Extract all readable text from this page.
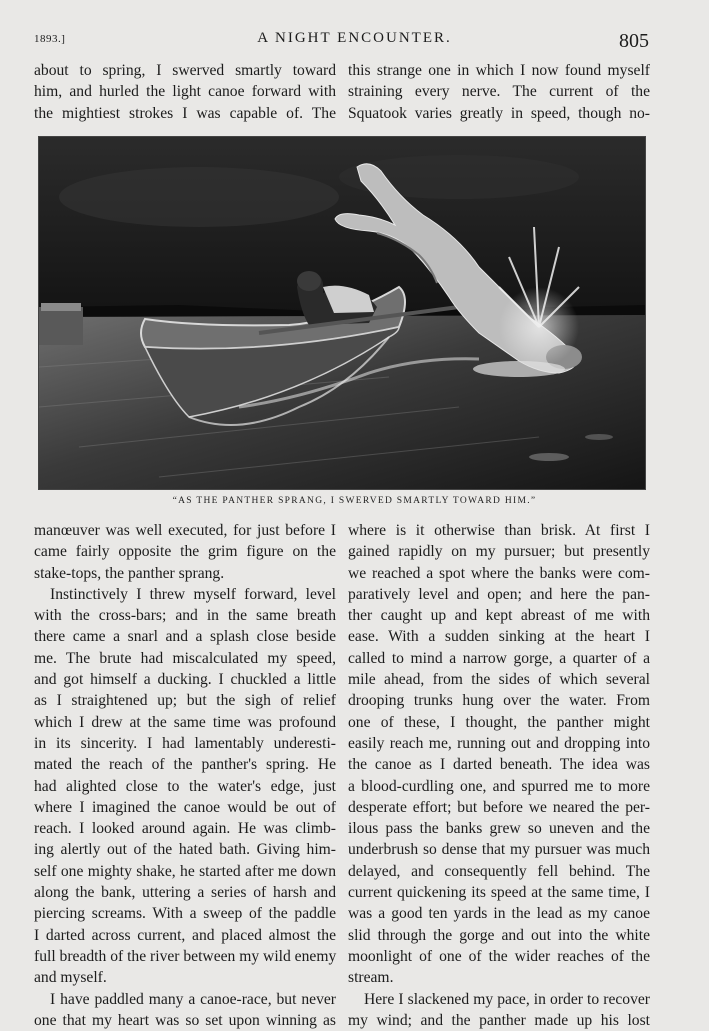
1893.]	A NIGHT ENCOUNTER.	805
about to spring, I swerved smartly toward
him, and hurled the light canoe forward with
the mightiest strokes I was capable of. The
this strange one in which I now found myself
straining every nerve. The current of the
Squatook varies greatly in speed, though no-
“AS THE PANTHER SPRANG, I SWERVED SMARTLY TOWARD HIM.”

manœuver was well executed, for just before I
came fairly opposite the grim figure on the
stake-tops, the panther sprang.

Instinctively I threw myself forward, level
with the cross-bars; and in the same breath
there came a snarl and a splash close beside
me. The brute had miscalculated my speed,
and got himself a ducking. I chuckled a little
as I straightened up; but the sigh of relief
which I drew at the same time was profound
in its sincerity. I had lamentably underesti-
mated the reach of the panther's spring. He
had alighted close to the water's edge, just
where I imagined the canoe would be out of
reach. I looked around again. He was climb-
ing alertly out of the hated bath. Giving him-
self one mighty shake, he started after me down
along the bank, uttering a series of harsh and
piercing screams. With a sweep of the paddle
I darted across current, and placed almost the
full breadth of the river between my wild enemy
and myself.

I have paddled many a canoe-race, but never
one that my heart was so set upon winning as

where is it otherwise than brisk. At first I
gained rapidly on my pursuer; but presently
we reached a spot where the banks were com-
paratively level and open; and here the pan-
ther caught up and kept abreast of me with
ease. With a sudden sinking at the heart I
called to mind a narrow gorge, a quarter of a
mile ahead, from the sides of which several
drooping trunks hung over the water. From
one of these, I thought, the panther might
easily reach me, running out and dropping into
the canoe as I darted beneath. The idea was
a blood-curdling one, and spurred me to more
desperate effort; but before we neared the per-
ilous pass the banks grew so uneven and the
underbrush so dense that my pursuer was much
delayed, and consequently fell behind. The
current quickening its speed at the same time, I
was a good ten yards in the lead as my canoe
slid through the gorge and out into the white
moonlight of one of the wider reaches of the
stream.

Here I slackened my pace, in order to recover
my wind; and the panther made up his lost
